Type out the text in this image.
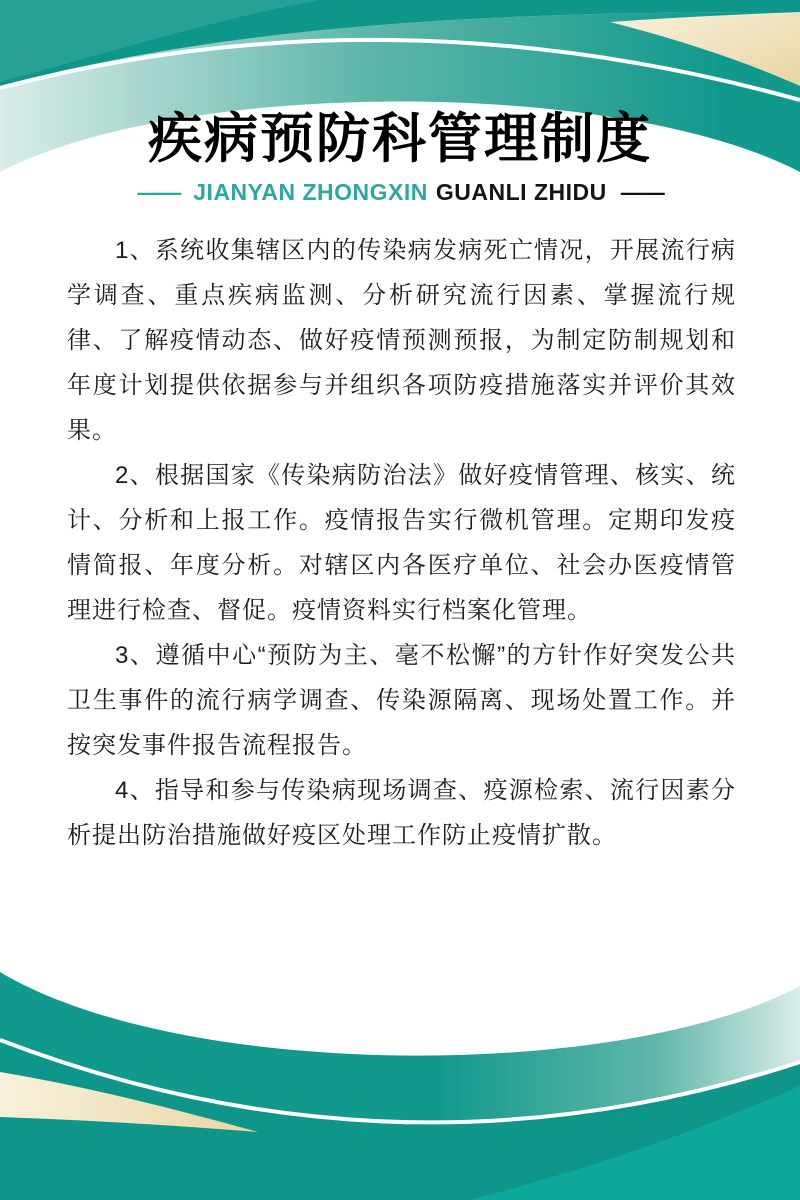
疾病预防科管理制度
—— JIANYAN ZHONGXIN GUANLI ZHIDU ——

1、系统收集辖区内的传染病发病死亡情况，开展流行病学调查、重点疾病监测、分析研究流行因素、掌握流行规律、了解疫情动态、做好疫情预测预报，为制定防制规划和年度计划提供依据参与并组织各项防疫措施落实并评价其效果。

2、根据国家《传染病防治法》做好疫情管理、核实、统计、分析和上报工作。疫情报告实行微机管理。定期印发疫情简报、年度分析。对辖区内各医疗单位、社会办医疫情管理进行检查、督促。疫情资料实行档案化管理。

3、遵循中心“预防为主、毫不松懈”的方针作好突发公共卫生事件的流行病学调查、传染源隔离、现场处置工作。并按突发事件报告流程报告。

4、指导和参与传染病现场调查、疫源检索、流行因素分析提出防治措施做好疫区处理工作防止疫情扩散。
